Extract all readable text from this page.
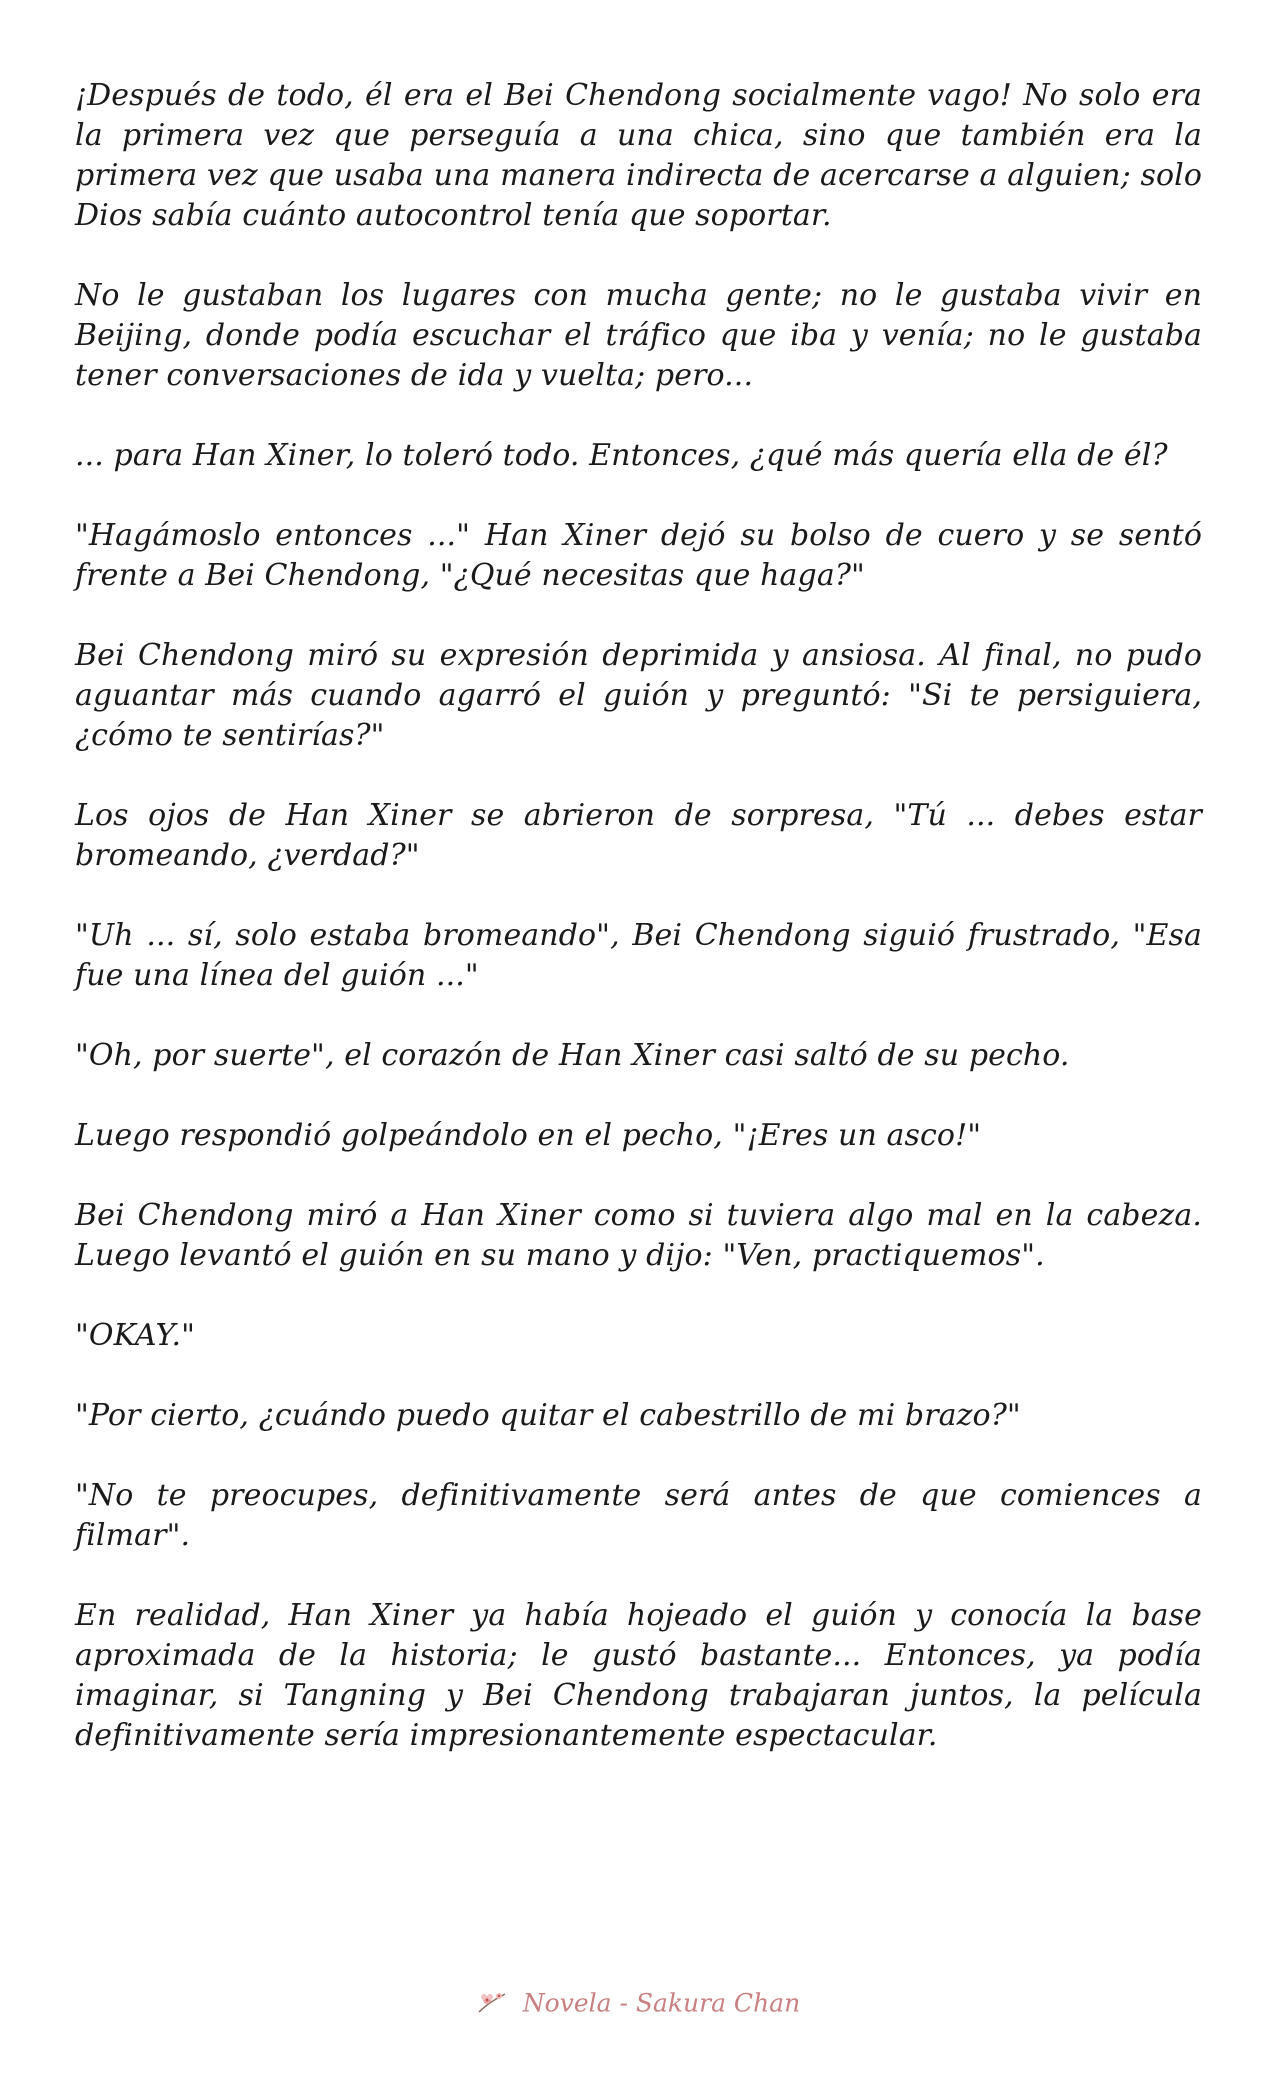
¡Después de todo, él era el Bei Chendong socialmente vago! No solo era la primera vez que perseguía a una chica, sino que también era la primera vez que usaba una manera indirecta de acercarse a alguien; solo Dios sabía cuánto autocontrol tenía que soportar.

No le gustaban los lugares con mucha gente; no le gustaba vivir en Beijing, donde podía escuchar el tráfico que iba y venía; no le gustaba tener conversaciones de ida y vuelta; pero...

... para Han Xiner, lo toleró todo. Entonces, ¿qué más quería ella de él?

"Hagámoslo entonces ..." Han Xiner dejó su bolso de cuero y se sentó frente a Bei Chendong, "¿Qué necesitas que haga?"

Bei Chendong miró su expresión deprimida y ansiosa. Al final, no pudo aguantar más cuando agarró el guión y preguntó: "Si te persiguiera, ¿cómo te sentirías?"

Los ojos de Han Xiner se abrieron de sorpresa, "Tú ... debes estar bromeando, ¿verdad?"

"Uh ... sí, solo estaba bromeando", Bei Chendong siguió frustrado, "Esa fue una línea del guión ..."

"Oh, por suerte", el corazón de Han Xiner casi saltó de su pecho.

Luego respondió golpeándolo en el pecho, "¡Eres un asco!"

Bei Chendong miró a Han Xiner como si tuviera algo mal en la cabeza. Luego levantó el guión en su mano y dijo: "Ven, practiquemos".

"OKAY."

"Por cierto, ¿cuándo puedo quitar el cabestrillo de mi brazo?"

"No te preocupes, definitivamente será antes de que comiences a filmar".

En realidad, Han Xiner ya había hojeado el guión y conocía la base aproximada de la historia; le gustó bastante... Entonces, ya podía imaginar, si Tangning y Bei Chendong trabajaran juntos, la película definitivamente sería impresionantemente espectacular.

Novela - Sakura Chan
